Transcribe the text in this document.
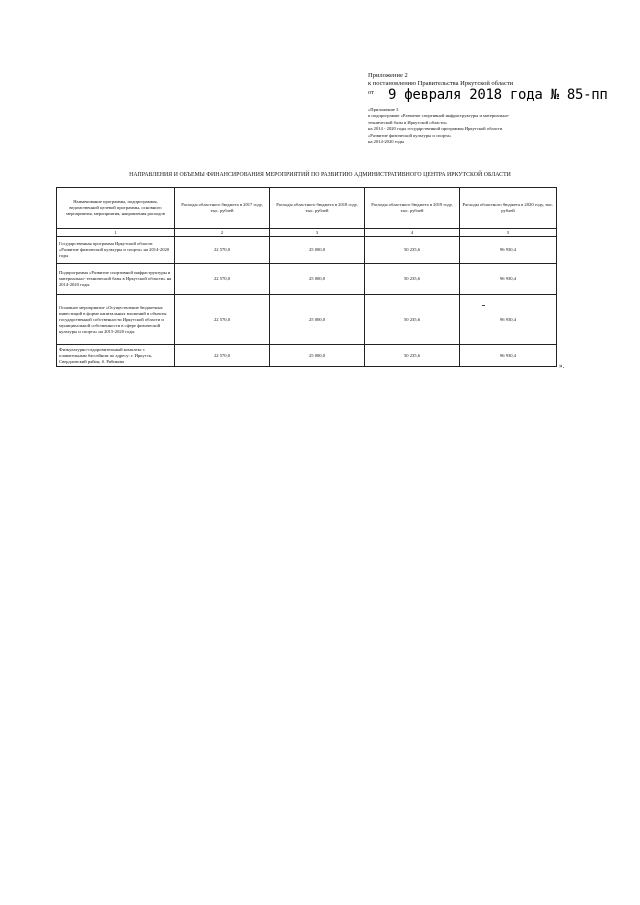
Приложение 2
к постановлению Правительства Иркутской области
от 9 февраля 2018 года № 85-пп
«Приложение 3
к подпрограмме «Развитие спортивной инфраструктуры и материально-
технической базы в Иркутской области»
на 2014 - 2020 годы государственной программы Иркутской области
«Развитие физической культуры и спорта»
на 2014-2020 годы
НАПРАВЛЕНИЯ И ОБЪЕМЫ ФИНАНСИРОВАНИЯ МЕРОПРИЯТИЙ ПО РАЗВИТИЮ АДМИНИСТРАТИВНОГО ЦЕНТРА ИРКУТСКОЙ ОБЛАСТИ
Наименование программы, подпрограммы, ведомственной целевой программы, основного мероприятия, мероприятия, направления расходов	Расходы областного бюджета в 2017 году, тыс. рублей	Расходы областного бюджета в 2018 году, тыс. рублей	Расходы областного бюджета в 2019 году, тыс. рублей	Расходы областного бюджета в 2020 году, тыс. рублей
1	2	3	4	5
Государственная программа Иркутской области «Развитие физической культуры и спорта» на 2014-2020 годы	22 570,0	25 000,0	50 235,6	96 930,4
Подпрограмма «Развитие спортивной инфраструктуры и материально- технической базы в Иркутской области» на 2014-2020 годы	22 570,0	25 000,0	50 235,6	96 930,4
Основное мероприятие «Осуществление бюджетных инвестиций в форме капитальных вложений в объекты государственной собственности Иркутской области и муниципальной собственности в сфере физической культуры и спорта» на 2015-2020 годы	22 570,0	25 000,0	50 235,6	96 930,4
Физкультурно-оздоровительный комплекс с плавательным бассейном по адресу: г. Иркутск, Свердловский район, б. Рябикова	22 570,0	25 000,0	50 235,6	96 930,4
».
